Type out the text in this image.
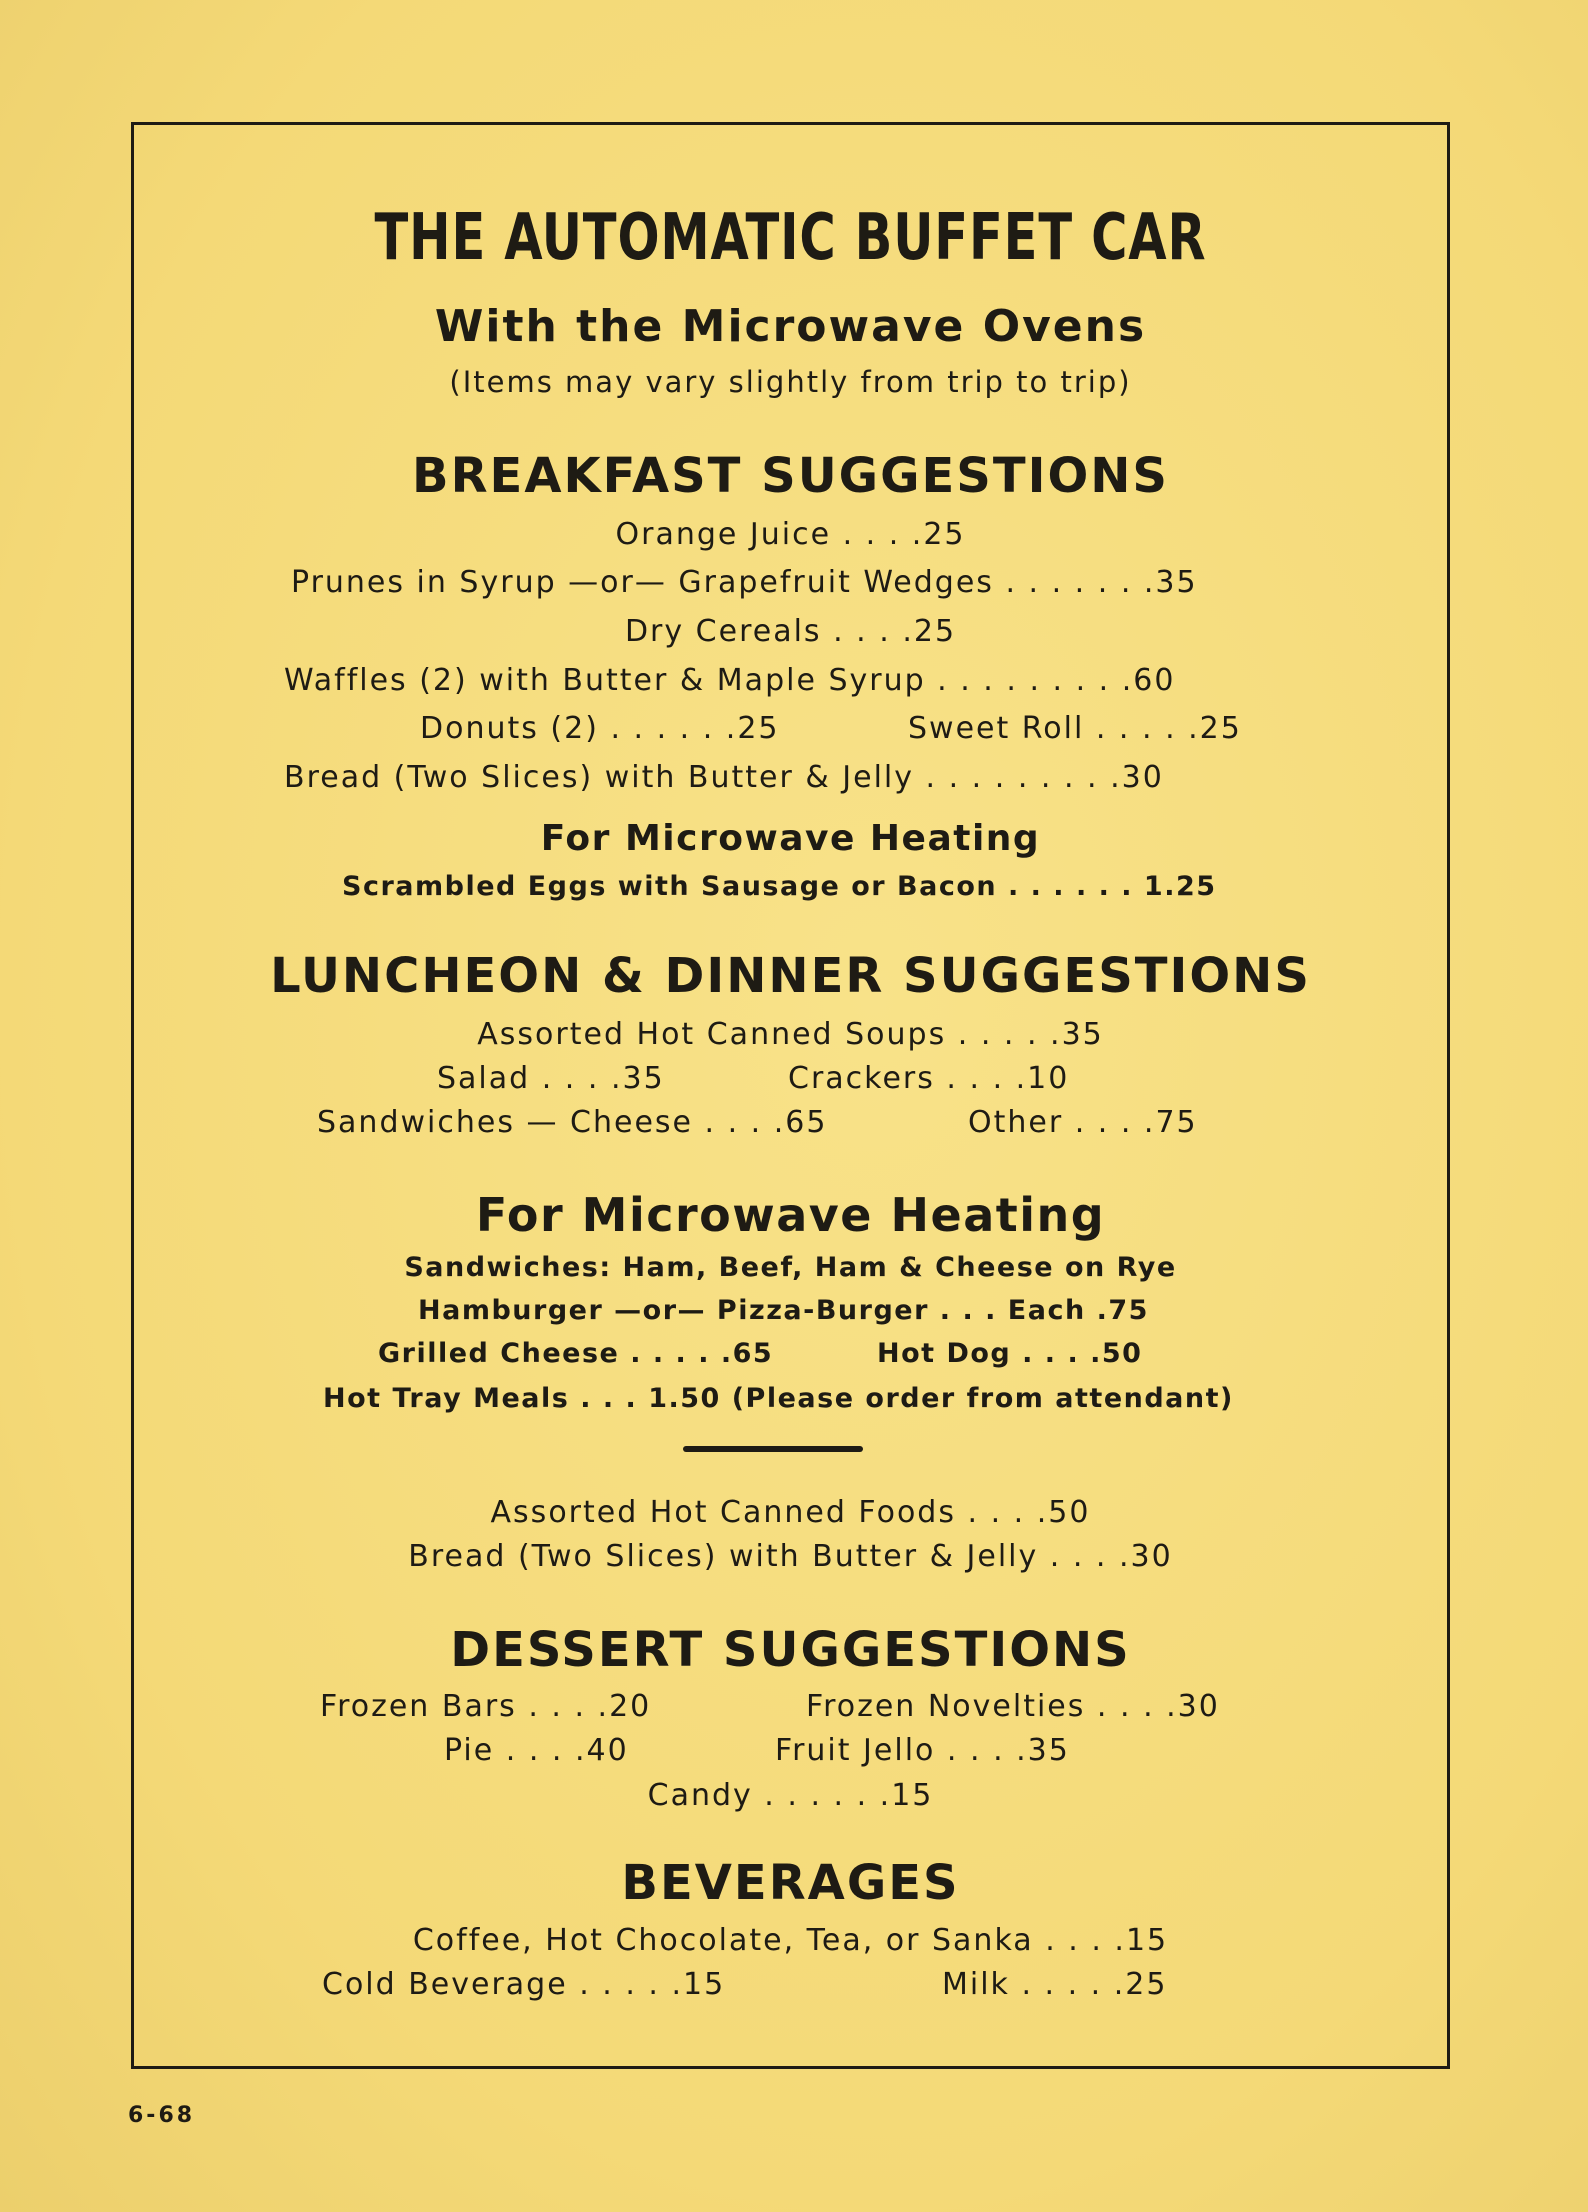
THE AUTOMATIC BUFFET CAR
With the Microwave Ovens
(Items may vary slightly from trip to trip)
BREAKFAST SUGGESTIONS
Orange Juice . . . .25
Prunes in Syrup —or— Grapefruit Wedges . . . . . . .35
Dry Cereals . . . .25
Waffles (2) with Butter & Maple Syrup . . . . . . . . .60
Donuts (2) . . . . . .25	Sweet Roll . . . . .25
Bread (Two Slices) with Butter & Jelly . . . . . . . . .30
For Microwave Heating
Scrambled Eggs with Sausage or Bacon . . . . . . 1.25
LUNCHEON & DINNER SUGGESTIONS
Assorted Hot Canned Soups . . . . .35
Salad . . . .35	Crackers . . . .10
Sandwiches — Cheese . . . .65	Other . . . .75
For Microwave Heating
Sandwiches: Ham, Beef, Ham & Cheese on Rye
Hamburger —or— Pizza-Burger . . . Each .75
Grilled Cheese . . . . .65	Hot Dog . . . .50
Hot Tray Meals . . . 1.50 (Please order from attendant)
Assorted Hot Canned Foods . . . .50
Bread (Two Slices) with Butter & Jelly . . . .30
DESSERT SUGGESTIONS
Frozen Bars . . . .20	Frozen Novelties . . . .30
Pie . . . .40	Fruit Jello . . . .35
Candy . . . . . .15
BEVERAGES
Coffee, Hot Chocolate, Tea, or Sanka . . . .15
Cold Beverage . . . . .15	Milk . . . . .25
6-68
